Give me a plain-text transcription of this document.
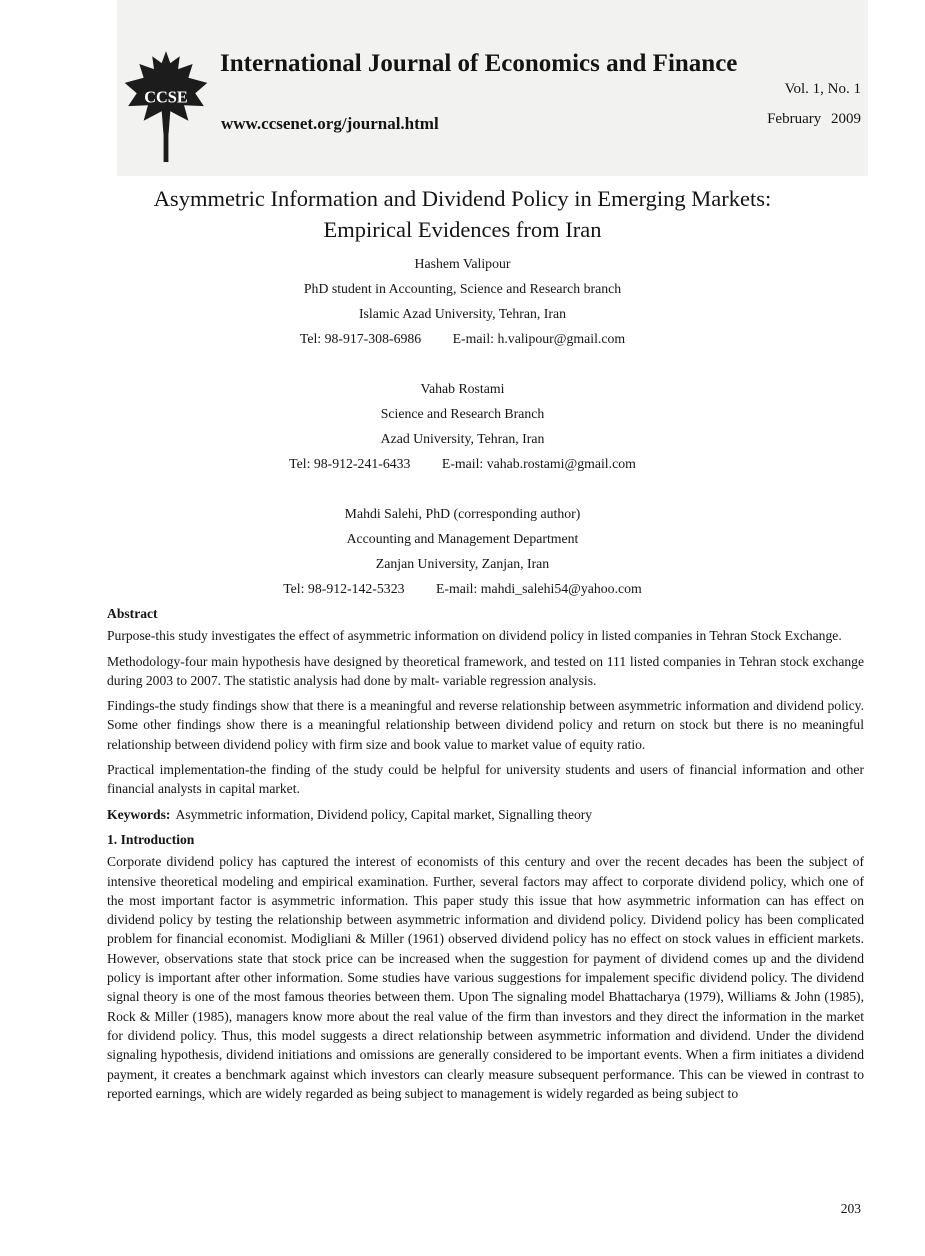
CCSE
International Journal of Economics and Finance
www.ccsenet.org/journal.html
Vol. 1, No. 1
February 2009
Asymmetric Information and Dividend Policy in Emerging Markets:
Empirical Evidences from Iran
Hashem Valipour
PhD student in Accounting, Science and Research branch
Islamic Azad University, Tehran, Iran
Tel: 98-917-308-6986 E-mail: h.valipour@gmail.com
Vahab Rostami
Science and Research Branch
Azad University, Tehran, Iran
Tel: 98-912-241-6433 E-mail: vahab.rostami@gmail.com
Mahdi Salehi, PhD (corresponding author)
Accounting and Management Department
Zanjan University, Zanjan, Iran
Tel: 98-912-142-5323 E-mail: mahdi_salehi54@yahoo.com
Abstract

Purpose-this study investigates the effect of asymmetric information on dividend policy in listed companies in Tehran Stock Exchange.

Methodology-four main hypothesis have designed by theoretical framework, and tested on 111 listed companies in Tehran stock exchange during 2003 to 2007. The statistic analysis had done by malt- variable regression analysis.

Findings-the study findings show that there is a meaningful and reverse relationship between asymmetric information and dividend policy. Some other findings show there is a meaningful relationship between dividend policy and return on stock but there is no meaningful relationship between dividend policy with firm size and book value to market value of equity ratio.

Practical implementation-the finding of the study could be helpful for university students and users of financial information and other financial analysts in capital market.

Keywords: Asymmetric information, Dividend policy, Capital market, Signalling theory
1. Introduction

Corporate dividend policy has captured the interest of economists of this century and over the recent decades has been the subject of intensive theoretical modeling and empirical examination. Further, several factors may affect to corporate dividend policy, which one of the most important factor is asymmetric information. This paper study this issue that how asymmetric information can has effect on dividend policy by testing the relationship between asymmetric information and dividend policy. Dividend policy has been complicated problem for financial economist. Modigliani & Miller (1961) observed dividend policy has no effect on stock values in efficient markets. However, observations state that stock price can be increased when the suggestion for payment of dividend comes up and the dividend policy is important after other information. Some studies have various suggestions for impalement specific dividend policy. The dividend signal theory is one of the most famous theories between them. Upon The signaling model Bhattacharya (1979), Williams & John (1985), Rock & Miller (1985), managers know more about the real value of the firm than investors and they direct the information in the market for dividend policy. Thus, this model suggests a direct relationship between asymmetric information and dividend. Under the dividend signaling hypothesis, dividend initiations and omissions are generally considered to be important events. When a firm initiates a dividend payment, it creates a benchmark against which investors can clearly measure subsequent performance. This can be viewed in contrast to reported earnings, which are widely regarded as being subject to management is widely regarded as being subject to

203
